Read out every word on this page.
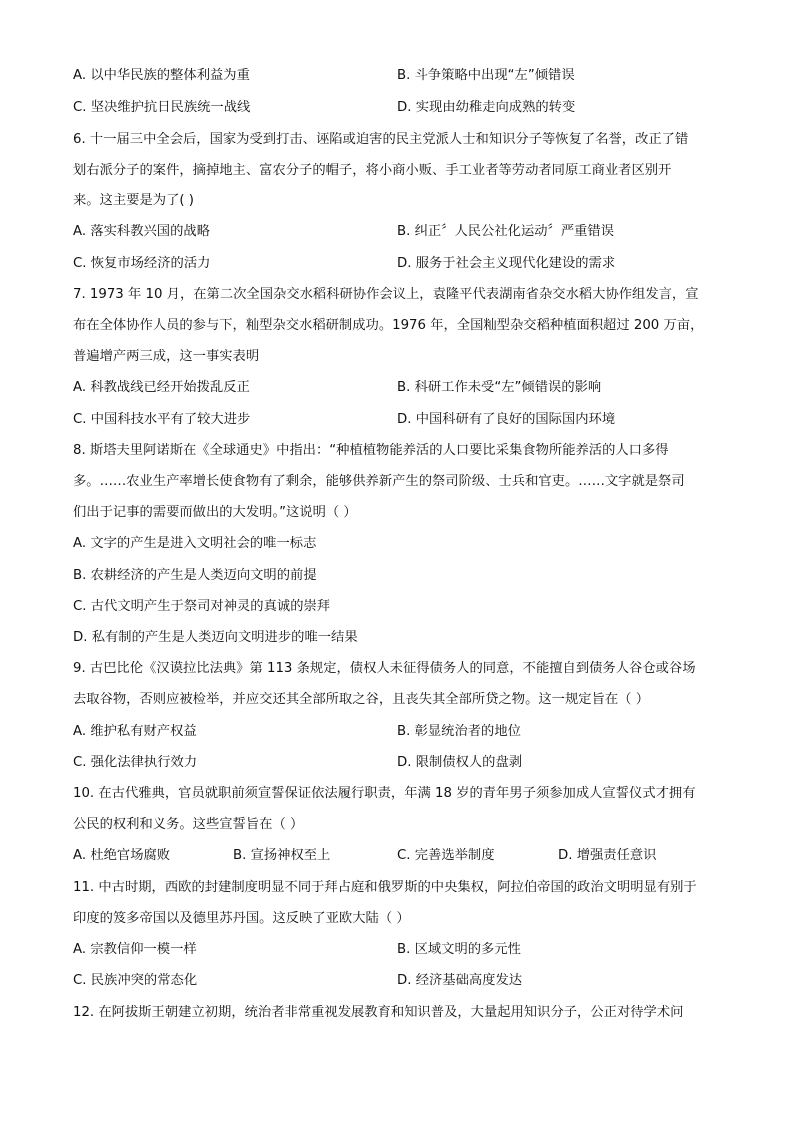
A. 以中华民族的整体利益为重	B. 斗争策略中出现“左”倾错误
C. 坚决维护抗日民族统一战线	D. 实现由幼稚走向成熟的转变
6. 十一届三中全会后，国家为受到打击、诬陷或迫害的民主党派人士和知识分子等恢复了名誉，改正了错
划右派分子的案件，摘掉地主、富农分子的帽子，将小商小贩、手工业者等劳动者同原工商业者区别开
来。这主要是为了( )
A. 落实科教兴国的战略	B. 纠正〞人民公社化运动〞严重错误
C. 恢复市场经济的活力	D. 服务于社会主义现代化建设的需求
7. 1973 年 10 月，在第二次全国杂交水稻科研协作会议上，袁隆平代表湖南省杂交水稻大协作组发言，宣
布在全体协作人员的参与下，籼型杂交水稻研制成功。1976 年，全国籼型杂交稻种植面积超过 200 万亩，
普遍增产两三成，这一事实表明
A. 科教战线已经开始拨乱反正	B. 科研工作未受“左”倾错误的影响
C. 中国科技水平有了较大进步	D. 中国科研有了良好的国际国内环境
8. 斯塔夫里阿诺斯在《全球通史》中指出：“种植植物能养活的人口要比采集食物所能养活的人口多得
多。……农业生产率增长使食物有了剩余，能够供养新产生的祭司阶级、士兵和官吏。……文字就是祭司
们出于记事的需要而做出的大发明。”这说明（ ）
A. 文字的产生是进入文明社会的唯一标志
B. 农耕经济的产生是人类迈向文明的前提
C. 古代文明产生于祭司对神灵的真诚的崇拜
D. 私有制的产生是人类迈向文明进步的唯一结果
9. 古巴比伦《汉谟拉比法典》第 113 条规定，债权人未征得债务人的同意，不能擅自到债务人谷仓或谷场
去取谷物，否则应被检举，并应交还其全部所取之谷，且丧失其全部所贷之物。这一规定旨在（ ）
A. 维护私有财产权益	B. 彰显统治者的地位
C. 强化法律执行效力	D. 限制债权人的盘剥
10. 在古代雅典，官员就职前须宣誓保证依法履行职责，年满 18 岁的青年男子须参加成人宣誓仪式才拥有
公民的权利和义务。这些宣誓旨在（ ）
A. 杜绝官场腐败	B. 宣扬神权至上	C. 完善选举制度	D. 增强责任意识
11. 中古时期，西欧的封建制度明显不同于拜占庭和俄罗斯的中央集权，阿拉伯帝国的政治文明明显有别于
印度的笈多帝国以及德里苏丹国。这反映了亚欧大陆（ ）
A. 宗教信仰一模一样	B. 区域文明的多元性
C. 民族冲突的常态化	D. 经济基础高度发达
12. 在阿拔斯王朝建立初期，统治者非常重视发展教育和知识普及，大量起用知识分子，公正对待学术问
